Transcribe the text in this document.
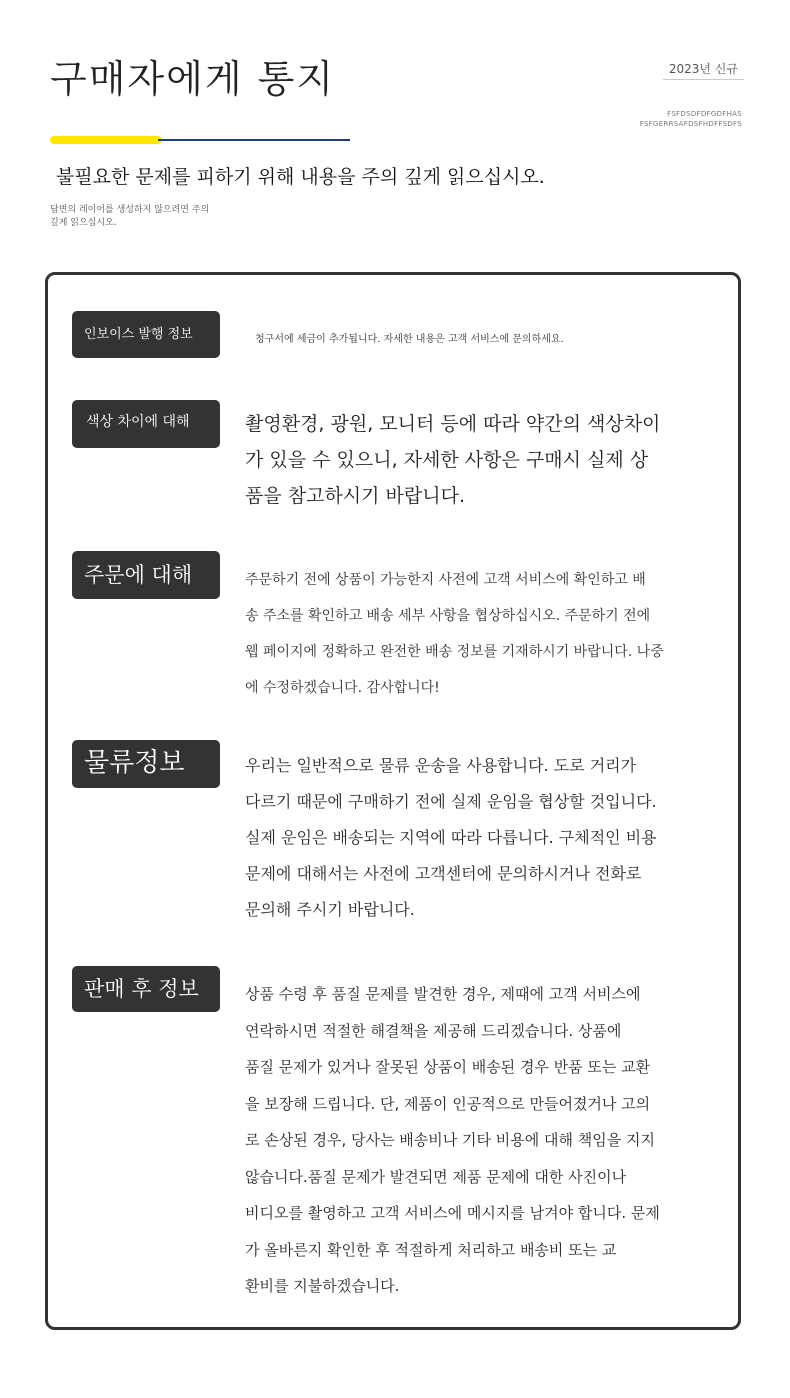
구매자에게 통지	2023년 신규
FSFDSDFDFGDFHAS
FSFGERRSAFDSFHDFFSDFS

불필요한 문제를 피하기 위해 내용을 주의 깊게 읽으십시오.

답변의 레이어를 생성하지 않으려면 주의
깊게 읽으십시오.
인보이스 발행 정보	청구서에 세금이 추가됩니다. 자세한 내용은 고객 서비스에 문의하세요.
색상 차이에 대해	촬영환경, 광원, 모니터 등에 따라 약간의 색상차이
가 있을 수 있으니, 자세한 사항은 구매시 실제 상
품을 참고하시기 바랍니다.
주문에 대해	주문하기 전에 상품이 가능한지 사전에 고객 서비스에 확인하고 배
송 주소를 확인하고 배송 세부 사항을 협상하십시오. 주문하기 전에
웹 페이지에 정확하고 완전한 배송 정보를 기재하시기 바랍니다. 나중
에 수정하겠습니다. 감사합니다!
물류정보	우리는 일반적으로 물류 운송을 사용합니다. 도로 거리가
다르기 때문에 구매하기 전에 실제 운임을 협상할 것입니다.
실제 운임은 배송되는 지역에 따라 다릅니다. 구체적인 비용
문제에 대해서는 사전에 고객센터에 문의하시거나 전화로
문의해 주시기 바랍니다.
판매 후 정보	상품 수령 후 품질 문제를 발견한 경우, 제때에 고객 서비스에
연락하시면 적절한 해결책을 제공해 드리겠습니다. 상품에
품질 문제가 있거나 잘못된 상품이 배송된 경우 반품 또는 교환
을 보장해 드립니다. 단, 제품이 인공적으로 만들어졌거나 고의
로 손상된 경우, 당사는 배송비나 기타 비용에 대해 책임을 지지
않습니다.품질 문제가 발견되면 제품 문제에 대한 사진이나
비디오를 촬영하고 고객 서비스에 메시지를 남겨야 합니다. 문제
가 올바른지 확인한 후 적절하게 처리하고 배송비 또는 교
환비를 지불하겠습니다.
